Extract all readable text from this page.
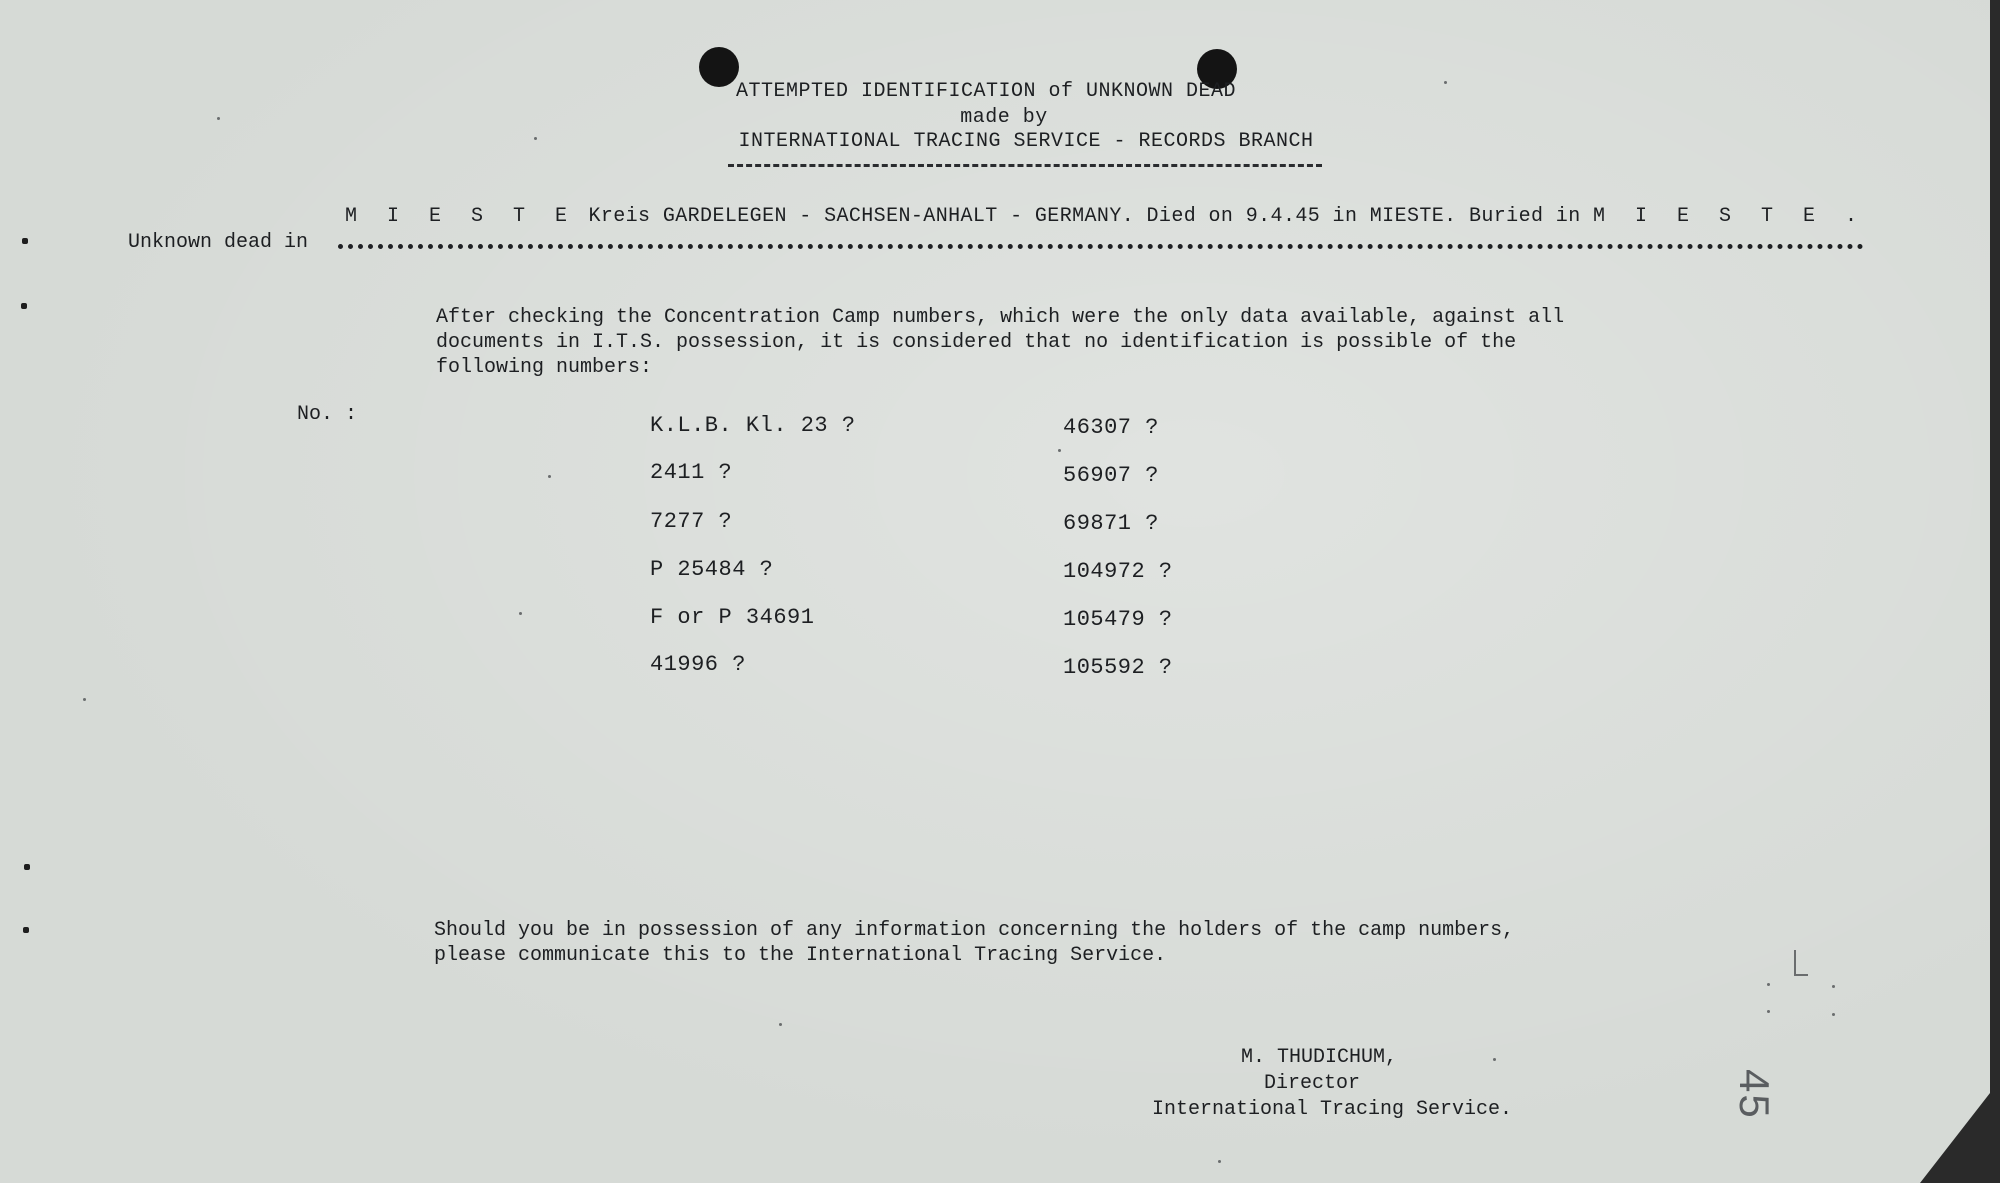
ATTEMPTED IDENTIFICATION of UNKNOWN DEAD
made by
INTERNATIONAL TRACING SERVICE - RECORDS BRANCH
M I E S T E Kreis GARDELEGEN - SACHSEN-ANHALT - GERMANY. Died on 9.4.45 in MIESTE. Buried in M I E S T E .
Unknown dead in
After checking the Concentration Camp numbers, which were the only data available, against all
documents in I.T.S. possession, it is considered that no identification is possible of the
following numbers:
No. :	K.L.B. Kl. 23 ?
2411 ?
7277 ?
P 25484 ?
F or P 34691
41996 ?
46307 ?
56907 ?
69871 ?
104972 ?
105479 ?
105592 ?
Should you be in possession of any information concerning the holders of the camp numbers,
please communicate this to the International Tracing Service.
M. THUDICHUM,
Director
International Tracing Service.	45
